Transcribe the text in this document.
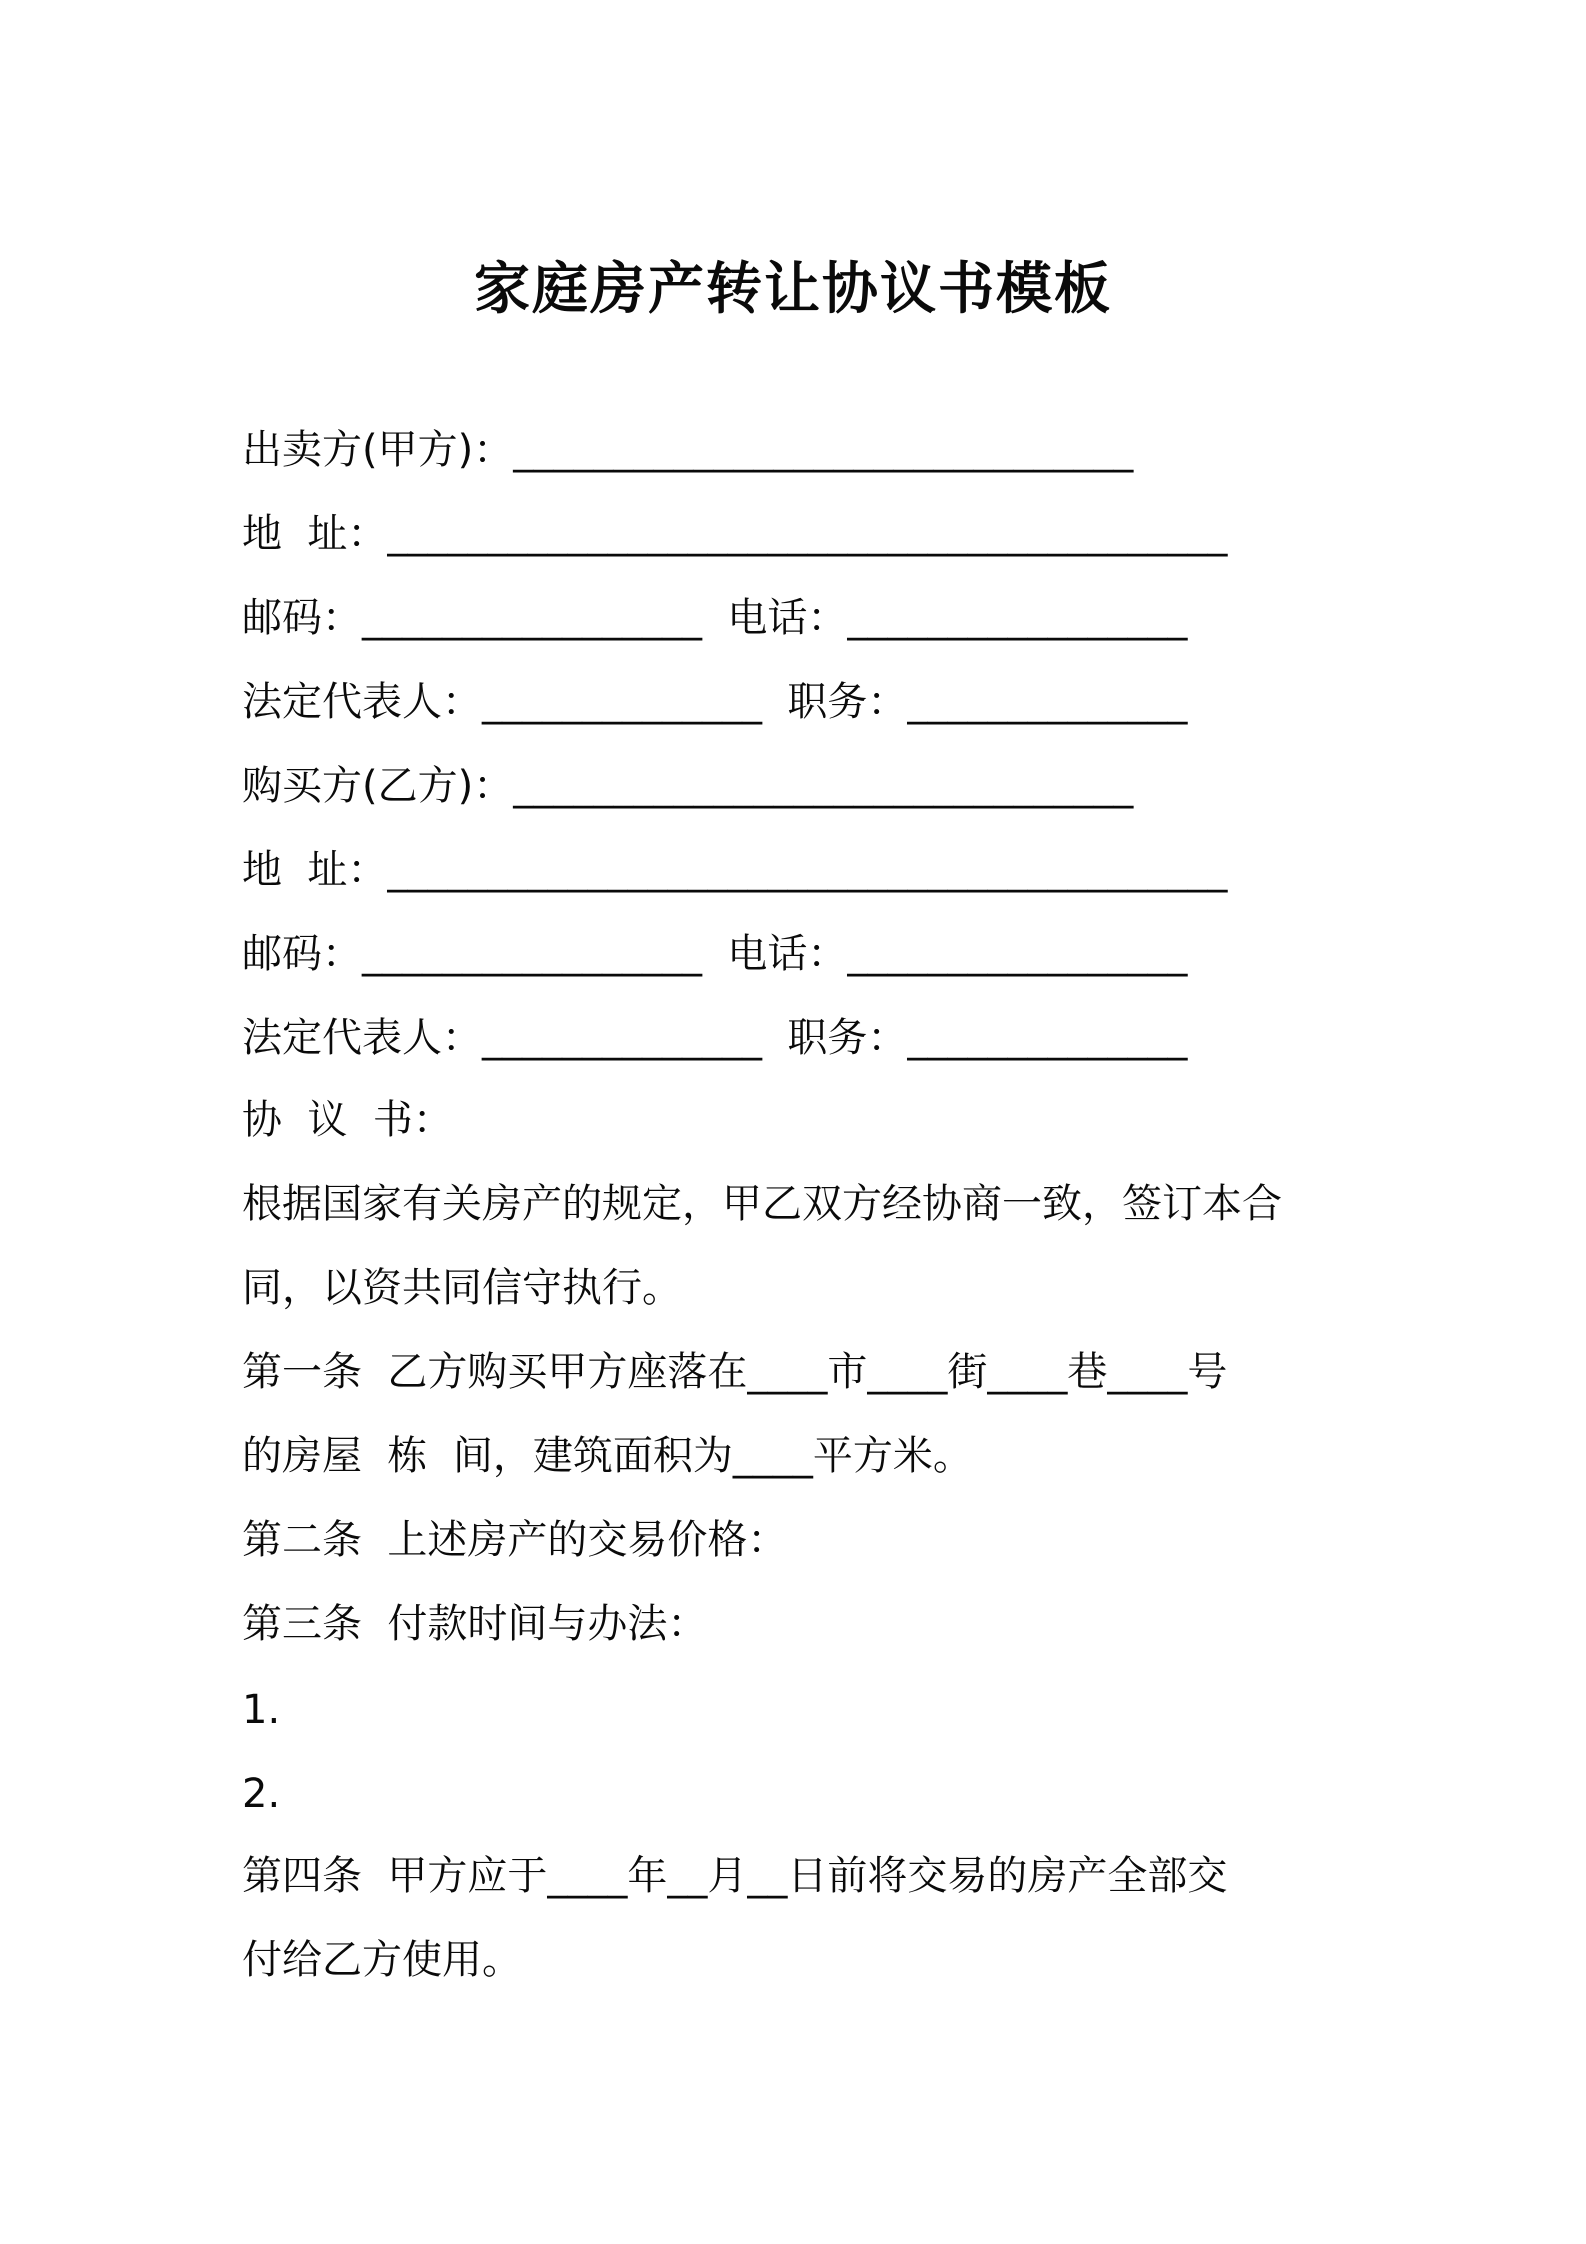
家庭房产转让协议书模板
出卖方(甲方)：_______________________________
地  址：__________________________________________
邮码：_________________  电话：_________________
法定代表人：______________  职务：______________
购买方(乙方)：_______________________________
地  址：__________________________________________
邮码：_________________  电话：_________________
法定代表人：______________  职务：______________
协  议  书：
根据国家有关房产的规定，甲乙双方经协商一致，签订本合
同，以资共同信守执行。
第一条  乙方购买甲方座落在____市____街____巷____号
的房屋  栋  间，建筑面积为____平方米。
第二条  上述房产的交易价格：
第三条  付款时间与办法：
1.
2.
第四条  甲方应于____年__月__日前将交易的房产全部交
付给乙方使用。
